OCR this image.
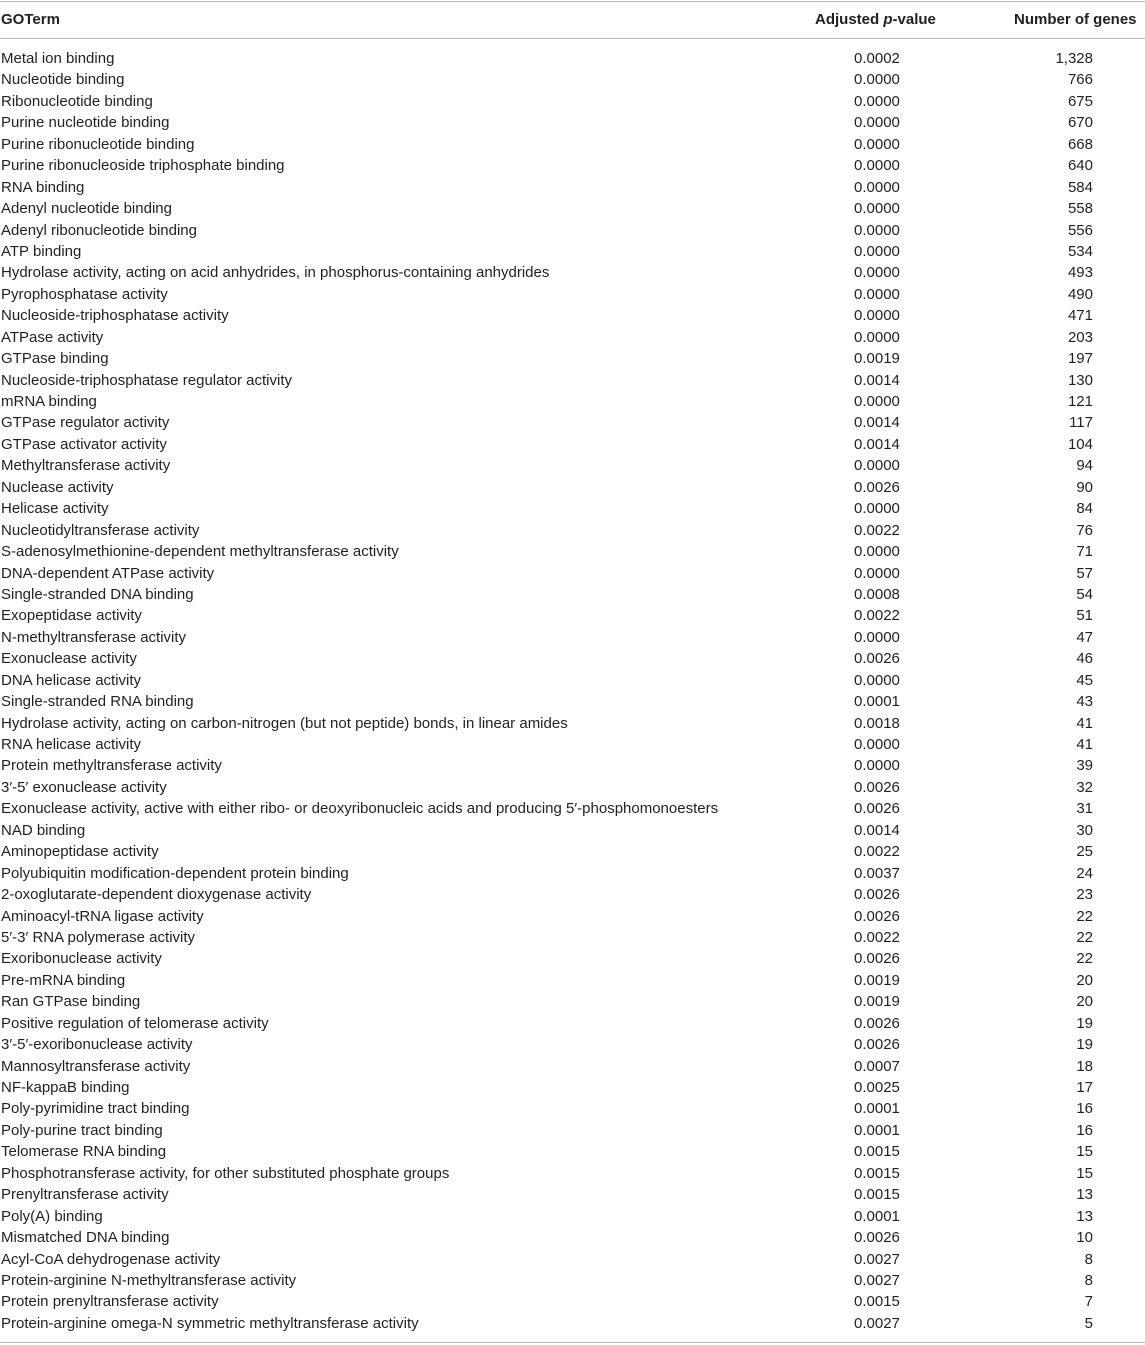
GOTerm	Adjusted p-value	Number of genes
Metal ion binding	0.0002	1,328
Nucleotide binding	0.0000	766
Ribonucleotide binding	0.0000	675
Purine nucleotide binding	0.0000	670
Purine ribonucleotide binding	0.0000	668
Purine ribonucleoside triphosphate binding	0.0000	640
RNA binding	0.0000	584
Adenyl nucleotide binding	0.0000	558
Adenyl ribonucleotide binding	0.0000	556
ATP binding	0.0000	534
Hydrolase activity, acting on acid anhydrides, in phosphorus-containing anhydrides	0.0000	493
Pyrophosphatase activity	0.0000	490
Nucleoside-triphosphatase activity	0.0000	471
ATPase activity	0.0000	203
GTPase binding	0.0019	197
Nucleoside-triphosphatase regulator activity	0.0014	130
mRNA binding	0.0000	121
GTPase regulator activity	0.0014	117
GTPase activator activity	0.0014	104
Methyltransferase activity	0.0000	94
Nuclease activity	0.0026	90
Helicase activity	0.0000	84
Nucleotidyltransferase activity	0.0022	76
S-adenosylmethionine-dependent methyltransferase activity	0.0000	71
DNA-dependent ATPase activity	0.0000	57
Single-stranded DNA binding	0.0008	54
Exopeptidase activity	0.0022	51
N-methyltransferase activity	0.0000	47
Exonuclease activity	0.0026	46
DNA helicase activity	0.0000	45
Single-stranded RNA binding	0.0001	43
Hydrolase activity, acting on carbon-nitrogen (but not peptide) bonds, in linear amides	0.0018	41
RNA helicase activity	0.0000	41
Protein methyltransferase activity	0.0000	39
3′-5′ exonuclease activity	0.0026	32
Exonuclease activity, active with either ribo- or deoxyribonucleic acids and producing 5′-phosphomonoesters	0.0026	31
NAD binding	0.0014	30
Aminopeptidase activity	0.0022	25
Polyubiquitin modification-dependent protein binding	0.0037	24
2-oxoglutarate-dependent dioxygenase activity	0.0026	23
Aminoacyl-tRNA ligase activity	0.0026	22
5′-3′ RNA polymerase activity	0.0022	22
Exoribonuclease activity	0.0026	22
Pre-mRNA binding	0.0019	20
Ran GTPase binding	0.0019	20
Positive regulation of telomerase activity	0.0026	19
3′-5′-exoribonuclease activity	0.0026	19
Mannosyltransferase activity	0.0007	18
NF-kappaB binding	0.0025	17
Poly-pyrimidine tract binding	0.0001	16
Poly-purine tract binding	0.0001	16
Telomerase RNA binding	0.0015	15
Phosphotransferase activity, for other substituted phosphate groups	0.0015	15
Prenyltransferase activity	0.0015	13
Poly(A) binding	0.0001	13
Mismatched DNA binding	0.0026	10
Acyl-CoA dehydrogenase activity	0.0027	8
Protein-arginine N-methyltransferase activity	0.0027	8
Protein prenyltransferase activity	0.0015	7
Protein-arginine omega-N symmetric methyltransferase activity	0.0027	5
